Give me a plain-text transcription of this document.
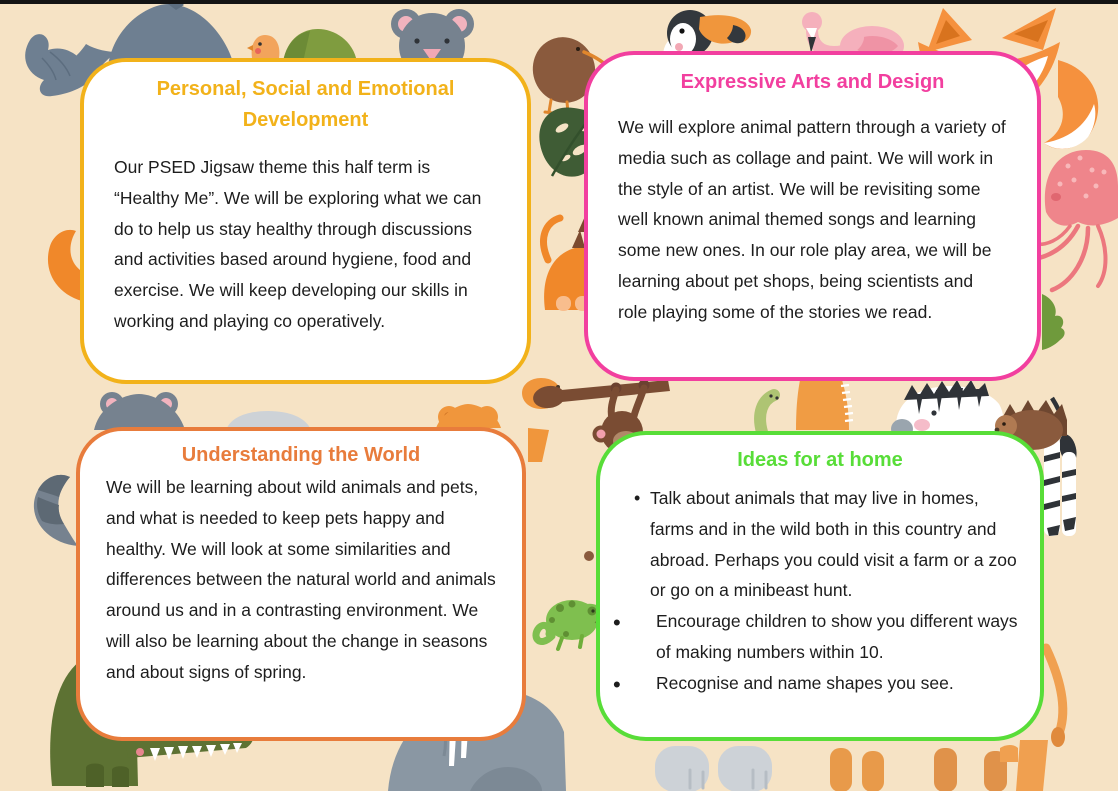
Personal, Social and Emotional Development

Our PSED Jigsaw theme this half term is “Healthy Me”. We will be exploring what we can do to help us stay healthy through discussions and activities based around hygiene, food and exercise. We will keep developing our skills in working and playing co operatively.

Expressive Arts and Design

We will explore animal pattern through a variety of media such as collage and paint. We will work in the style of an artist. We will be revisiting some well known animal themed songs and learning some new ones. In our role play area, we will be learning about pet shops, being scientists and role playing some of the stories we read.

Understanding the World

We will be learning about wild animals and pets, and what is needed to keep pets happy and healthy. We will look at some similarities and differences between the natural world and animals around us and in a contrasting environment. We will also be learning about the change in seasons and about signs of spring.

Ideas for at home
• Talk about animals that may live in homes, farms and in the wild both in this country and abroad. Perhaps you could visit a farm or a zoo or go on a minibeast hunt.
• Encourage children to show you different ways of making numbers within 10.
• Recognise and name shapes you see.
